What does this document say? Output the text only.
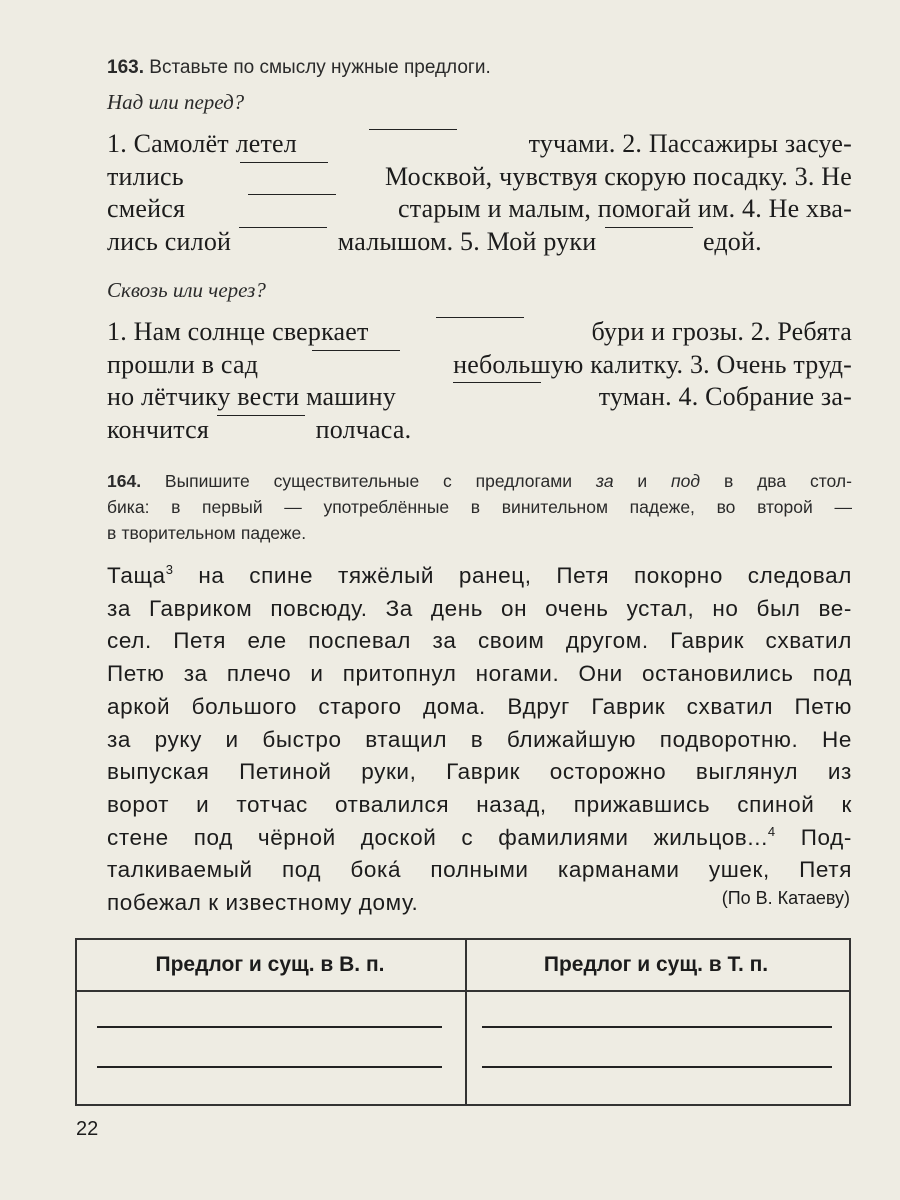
163. Вставьте по смыслу нужные предлоги.
Над или перед?
1. Самолёт летел	тучами. 2. Пассажиры засуе-
тились	Москвой, чувствуя скорую посадку. 3. Не
смейся	старым и малым, помогай им. 4. Не хва-
лись силой	малышом. 5. Мой руки	едой.
Сквозь или через?
1. Нам солнце сверкает	бури и грозы. 2. Ребята
прошли в сад	небольшую калитку. 3. Очень труд-
но лётчику вести машину	туман. 4. Собрание за-
кончится	полчаса.
164. Выпишите существительные с предлогами за и под в два стол-
бика: в первый — употреблённые в винительном падеже, во второй —
в творительном падеже.
Таща$^3$ на спине тяжёлый ранец, Петя покорно следовал
за Гавриком повсюду. За день он очень устал, но был ве-
сел. Петя еле поспевал за своим другом. Гаврик схватил
Петю за плечо и притопнул ногами. Они остановились под
аркой большого старого дома. Вдруг Гаврик схватил Петю
за руку и быстро втащил в ближайшую подворотню. Не
выпуская Петиной руки, Гаврик осторожно выглянул из
ворот и тотчас отвалился назад, прижавшись спиной к
стене под чёрной доской с фамилиями жильцов...$^4$ Под-
талкиваемый под бока́ полными карманами ушек, Петя
побежал к известному дому.	(По В. Катаеву)
Предлог и сущ. в В. п.	Предлог и сущ. в Т. п.
22
